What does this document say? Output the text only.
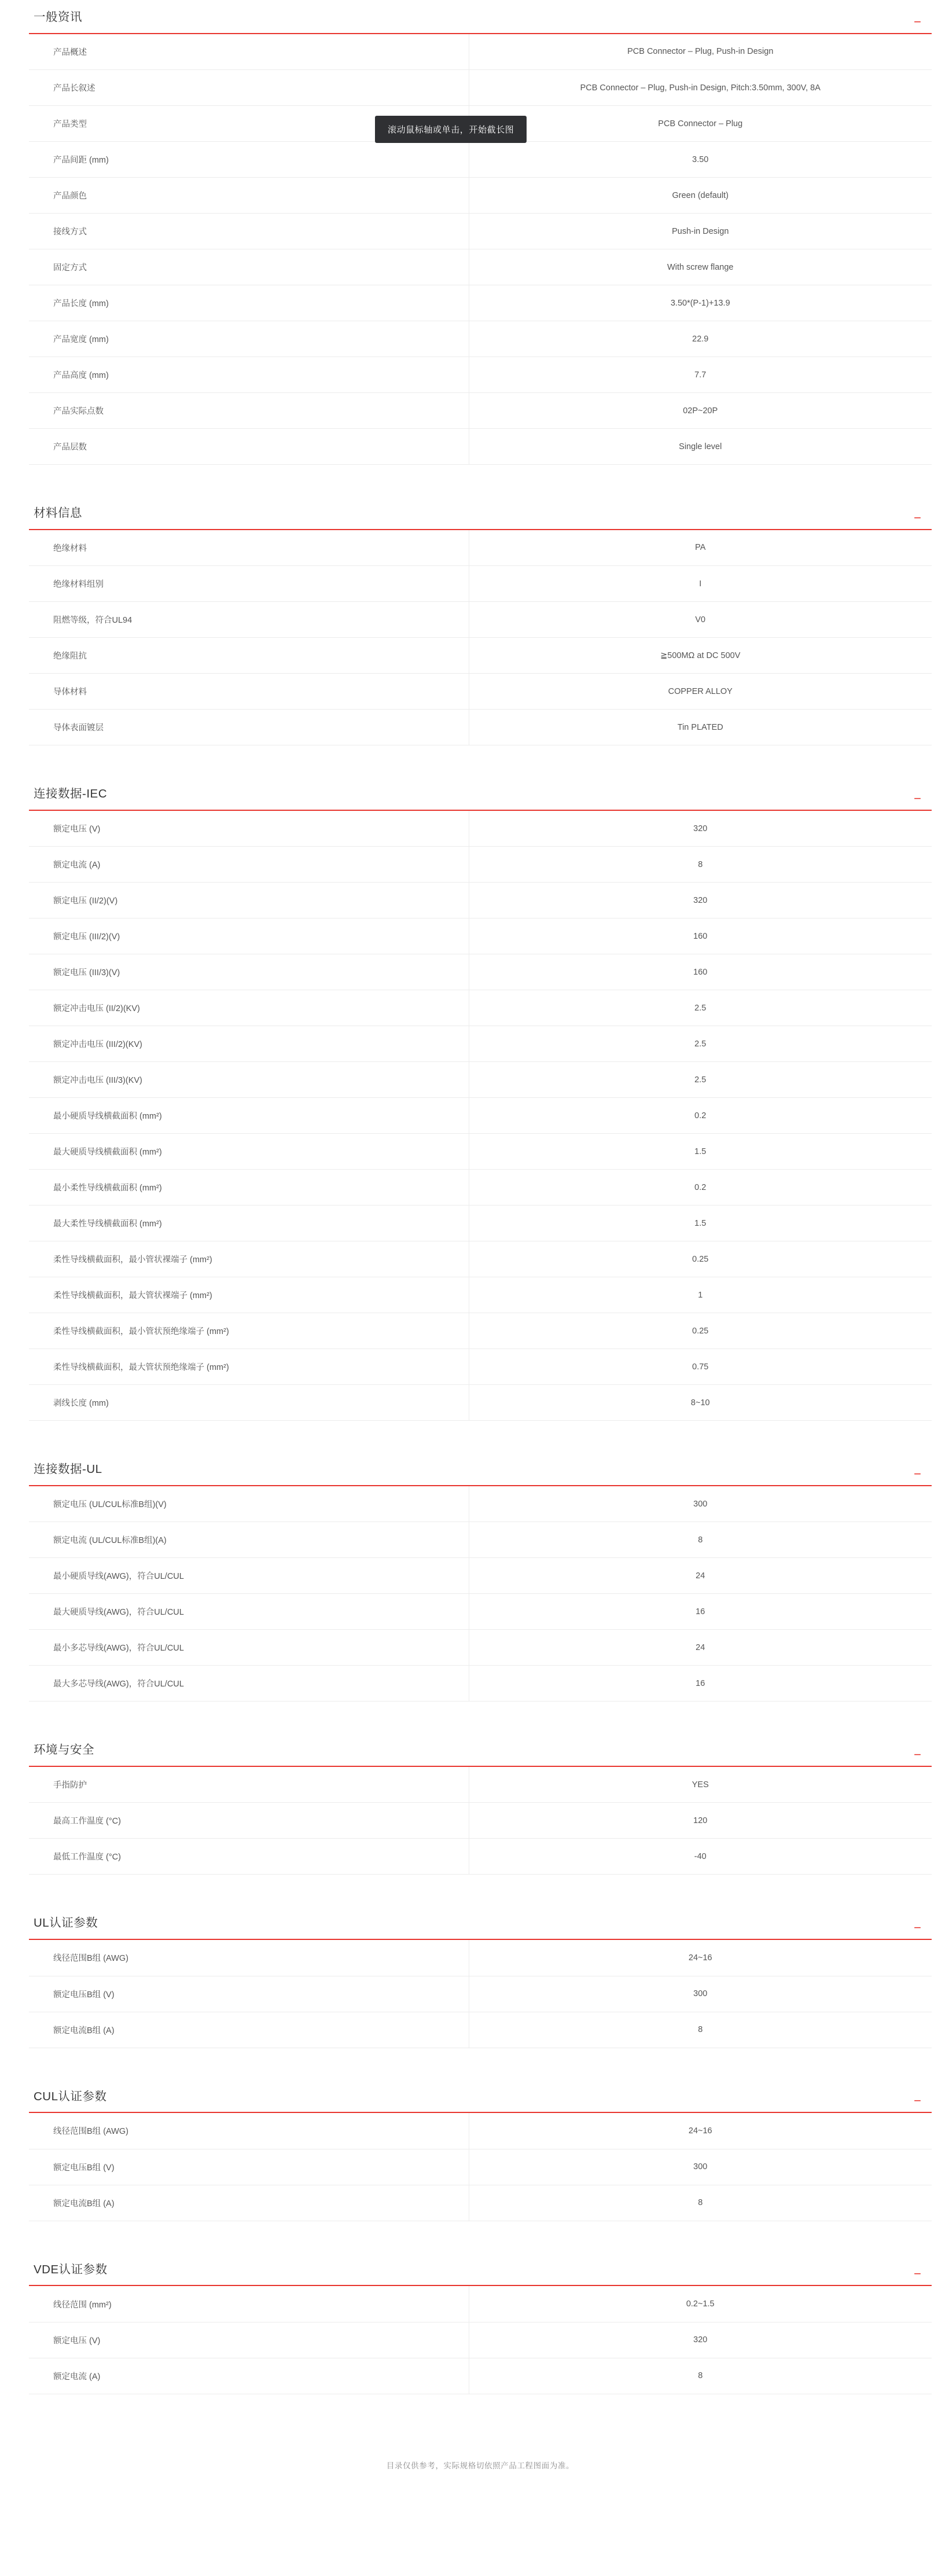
一般资讯	−
产品概述	PCB Connector – Plug, Push-in Design
产品长叙述	PCB Connector – Plug, Push-in Design, Pitch:3.50mm, 300V, 8A
产品类型	PCB Connector – Plug
产品间距 (mm)	3.50
产品颜色	Green (default)
接线方式	Push-in Design
固定方式	With screw flange
产品长度 (mm)	3.50*(P-1)+13.9
产品宽度 (mm)	22.9
产品高度 (mm)	7.7
产品实际点数	02P~20P
产品层数	Single level
材料信息	−
绝缘材料	PA
绝缘材料组别	I
阻燃等级，符合UL94	V0
绝缘阻抗	≧500MΩ at DC 500V
导体材料	COPPER ALLOY
导体表面镀层	Tin PLATED
连接数据-IEC	−
额定电压 (V)	320
额定电流 (A)	8
额定电压 (II/2)(V)	320
额定电压 (III/2)(V)	160
额定电压 (III/3)(V)	160
额定冲击电压 (II/2)(KV)	2.5
额定冲击电压 (III/2)(KV)	2.5
额定冲击电压 (III/3)(KV)	2.5
最小硬质导线横截面积 (mm²)	0.2
最大硬质导线横截面积 (mm²)	1.5
最小柔性导线横截面积 (mm²)	0.2
最大柔性导线横截面积 (mm²)	1.5
柔性导线横截面积，最小管状裸端子 (mm²)	0.25
柔性导线横截面积，最大管状裸端子 (mm²)	1
柔性导线横截面积，最小管状预绝缘端子 (mm²)	0.25
柔性导线横截面积，最大管状预绝缘端子 (mm²)	0.75
剥线长度 (mm)	8~10
连接数据-UL	−
额定电压 (UL/CUL标准B组)(V)	300
额定电流 (UL/CUL标准B组)(A)	8
最小硬质导线(AWG)，符合UL/CUL	24
最大硬质导线(AWG)，符合UL/CUL	16
最小多芯导线(AWG)，符合UL/CUL	24
最大多芯导线(AWG)，符合UL/CUL	16
环境与安全	−
手指防护	YES
最高工作温度 (°C)	120
最低工作温度 (°C)	-40
UL认证参数	−
线径范围B组 (AWG)	24~16
额定电压B组 (V)	300
额定电流B组 (A)	8
CUL认证参数	−
线径范围B组 (AWG)	24~16
额定电压B组 (V)	300
额定电流B组 (A)	8
VDE认证参数	−
线径范围 (mm²)	0.2~1.5
额定电压 (V)	320
额定电流 (A)	8
目录仅供参考，实际规格切依照产品工程图面为准。
滚动鼠标轴或单击，开始截长图
